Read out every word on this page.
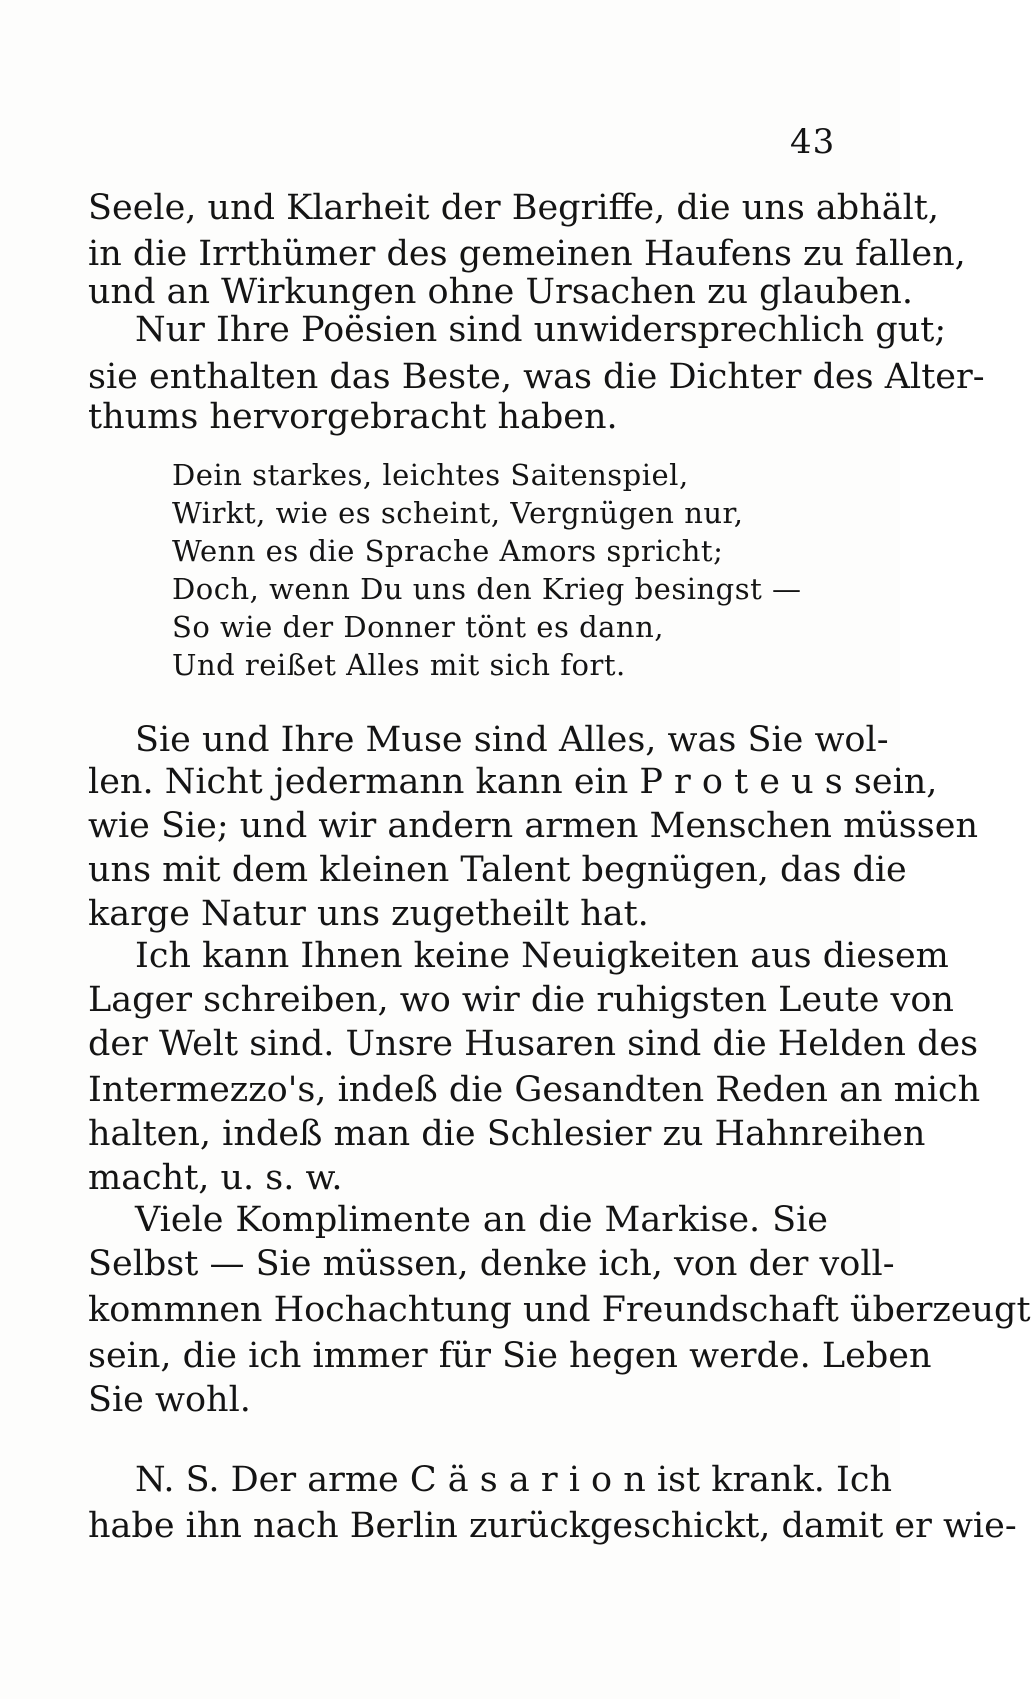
43
Seele, und Klarheit der Begriffe, die uns abhält,
in die Irrthümer des gemeinen Haufens zu fallen,
und an Wirkungen ohne Ursachen zu glauben.
Nur Ihre Poësien sind unwidersprechlich gut;
sie enthalten das Beste, was die Dichter des Alter-
thums hervorgebracht haben.
Dein starkes, leichtes Saitenspiel,
Wirkt, wie es scheint, Vergnügen nur,
Wenn es die Sprache Amors spricht;
Doch, wenn Du uns den Krieg besingst —
So wie der Donner tönt es dann,
Und reißet Alles mit sich fort.
Sie und Ihre Muse sind Alles, was Sie wol-
len. Nicht jedermann kann ein P r o t e u s sein,
wie Sie; und wir andern armen Menschen müssen
uns mit dem kleinen Talent begnügen, das die
karge Natur uns zugetheilt hat.
Ich kann Ihnen keine Neuigkeiten aus diesem
Lager schreiben, wo wir die ruhigsten Leute von
der Welt sind. Unsre Husaren sind die Helden des
Intermezzo's, indeß die Gesandten Reden an mich
halten, indeß man die Schlesier zu Hahnreihen
macht, u. s. w.
Viele Komplimente an die Markise. Sie
Selbst — Sie müssen, denke ich, von der voll-
kommnen Hochachtung und Freundschaft überzeugt
sein, die ich immer für Sie hegen werde. Leben
Sie wohl.
N. S. Der arme C ä s a r i o n ist krank. Ich
habe ihn nach Berlin zurückgeschickt, damit er wie-
